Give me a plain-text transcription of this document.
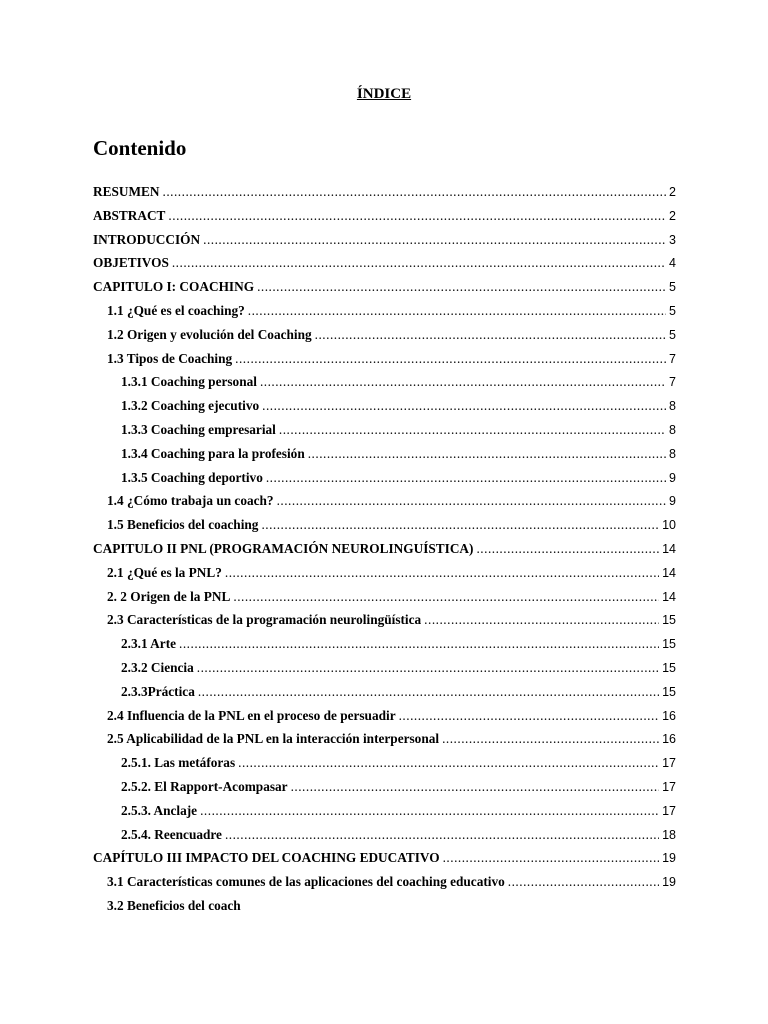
ÍNDICE
Contenido
RESUMEN .....	2
ABSTRACT .....	2
INTRODUCCIÓN .....	3
OBJETIVOS .....	4
CAPITULO I: COACHING .....	5
1.1 ¿Qué es el coaching? .....	5
1.2 Origen y evolución del Coaching .....	5
1.3 Tipos de Coaching .....	7
1.3.1 Coaching personal .....	7
1.3.2 Coaching ejecutivo .....	8
1.3.3 Coaching empresarial .....	8
1.3.4 Coaching para la profesión .....	8
1.3.5 Coaching deportivo .....	9
1.4 ¿Cómo trabaja un coach? .....	9
1.5 Beneficios del coaching .....	10
CAPITULO II PNL (PROGRAMACIÓN NEUROLINGUÍSTICA) .....	14
2.1 ¿Qué es la PNL? .....	14
2. 2 Origen de la PNL .....	14
2.3 Características de la programación neurolingüística .....	15
2.3.1 Arte .....	15
2.3.2 Ciencia .....	15
2.3.3Práctica .....	15
2.4 Influencia de la PNL en el proceso de persuadir .....	16
2.5 Aplicabilidad de la PNL en la interacción interpersonal .....	16
2.5.1. Las metáforas .....	17
2.5.2. El Rapport-Acompasar .....	17
2.5.3. Anclaje .....	17
2.5.4. Reencuadre .....	18
CAPÍTULO III IMPACTO DEL COACHING EDUCATIVO .....	19
3.1 Características comunes de las aplicaciones del coaching educativo .....	19
3.2 Beneficios del coach
